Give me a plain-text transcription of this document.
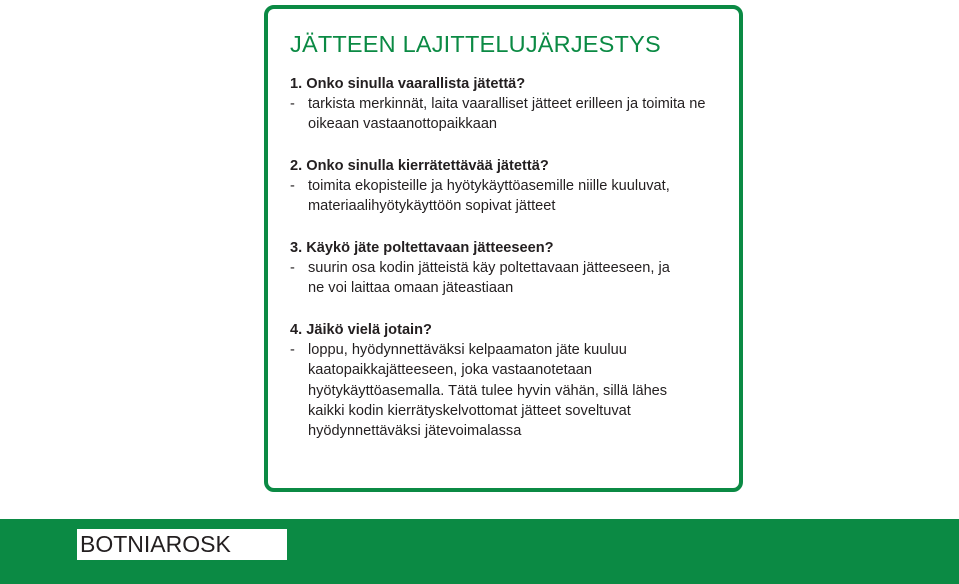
JÄTTEEN LAJITTELUJÄRJESTYS
1. Onko sinulla vaarallista jätettä?
- tarkista merkinnät, laita vaaralliset jätteet erilleen ja toimita ne
oikeaan vastaanottopaikkaan
2. Onko sinulla kierrätettävää jätettä?
- toimita ekopisteille ja hyötykäyttöasemille niille kuuluvat,
materiaalihyötykäyttöön sopivat jätteet
3. Käykö jäte poltettavaan jätteeseen?
- suurin osa kodin jätteistä käy poltettavaan jätteeseen, ja
ne voi laittaa omaan jäteastiaan
4. Jäikö vielä jotain?
- loppu, hyödynnettäväksi kelpaamaton jäte kuuluu
kaatopaikkajätteeseen, joka vastaanotetaan
hyötykäyttöasemalla. Tätä tulee hyvin vähän, sillä lähes
kaikki kodin kierrätyskelvottomat jätteet soveltuvat
hyödynnettäväksi jätevoimalassa
BOTNIAROSK
